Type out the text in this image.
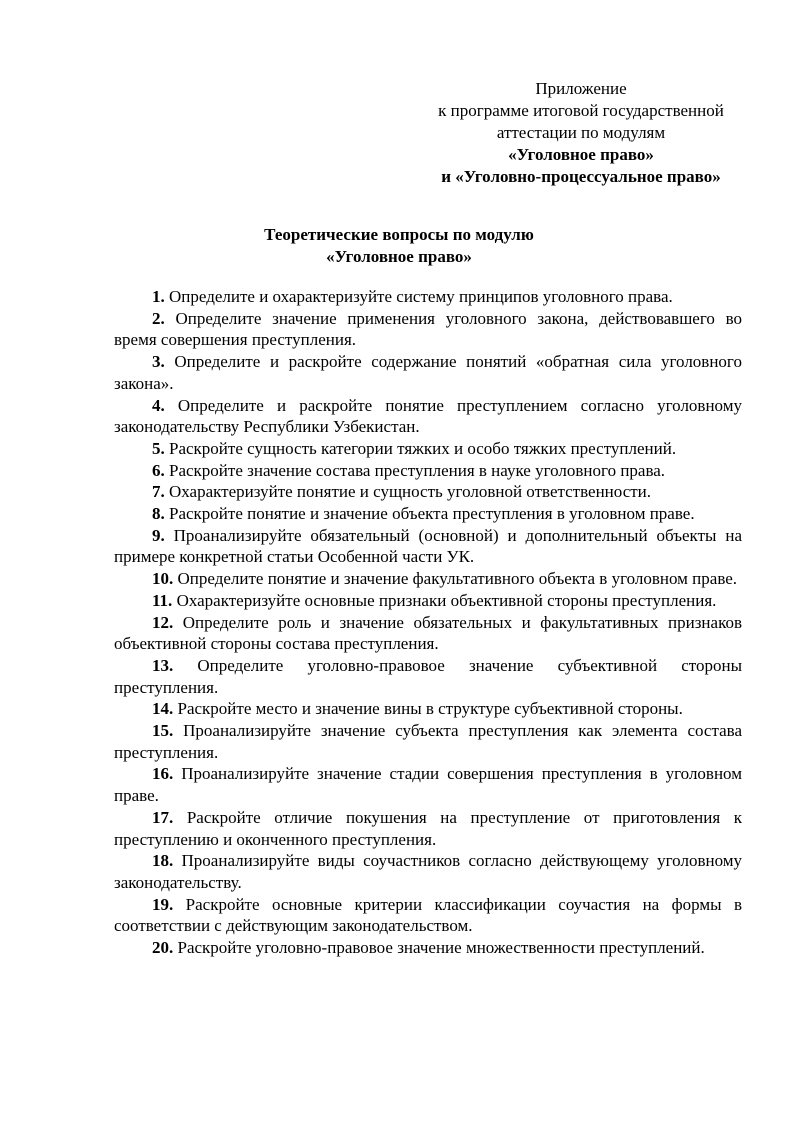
Приложение
к программе итоговой государственной
аттестации по модулям
«Уголовное право»
и «Уголовно-процессуальное право»
Теоретические вопросы по модулю
«Уголовное право»
1. Определите и охарактеризуйте систему принципов уголовного права.
2. Определите значение применения уголовного закона, действовавшего во время совершения преступления.
3. Определите и раскройте содержание понятий «обратная сила уголовного закона».
4. Определите и раскройте понятие преступлением согласно уголовному законодательству Республики Узбекистан.
5. Раскройте сущность категории тяжких и особо тяжких преступлений.
6. Раскройте значение состава преступления в науке уголовного права.
7. Охарактеризуйте понятие и сущность уголовной ответственности.
8. Раскройте понятие и значение объекта преступления в уголовном праве.
9. Проанализируйте обязательный (основной) и дополнительный объекты на примере конкретной статьи Особенной части УК.
10. Определите понятие и значение факультативного объекта в уголовном праве.
11. Охарактеризуйте основные признаки объективной стороны преступления.
12. Определите роль и значение обязательных и факультативных признаков объективной стороны состава преступления.
13. Определите уголовно-правовое значение субъективной стороны преступления.
14. Раскройте место и значение вины в структуре субъективной стороны.
15. Проанализируйте значение субъекта преступления как элемента состава преступления.
16. Проанализируйте значение стадии совершения преступления в уголовном праве.
17. Раскройте отличие покушения на преступление от приготовления к преступлению и оконченного преступления.
18. Проанализируйте виды соучастников согласно действующему уголовному законодательству.
19. Раскройте основные критерии классификации соучастия на формы в соответствии с действующим законодательством.
20. Раскройте уголовно-правовое значение множественности преступлений.
